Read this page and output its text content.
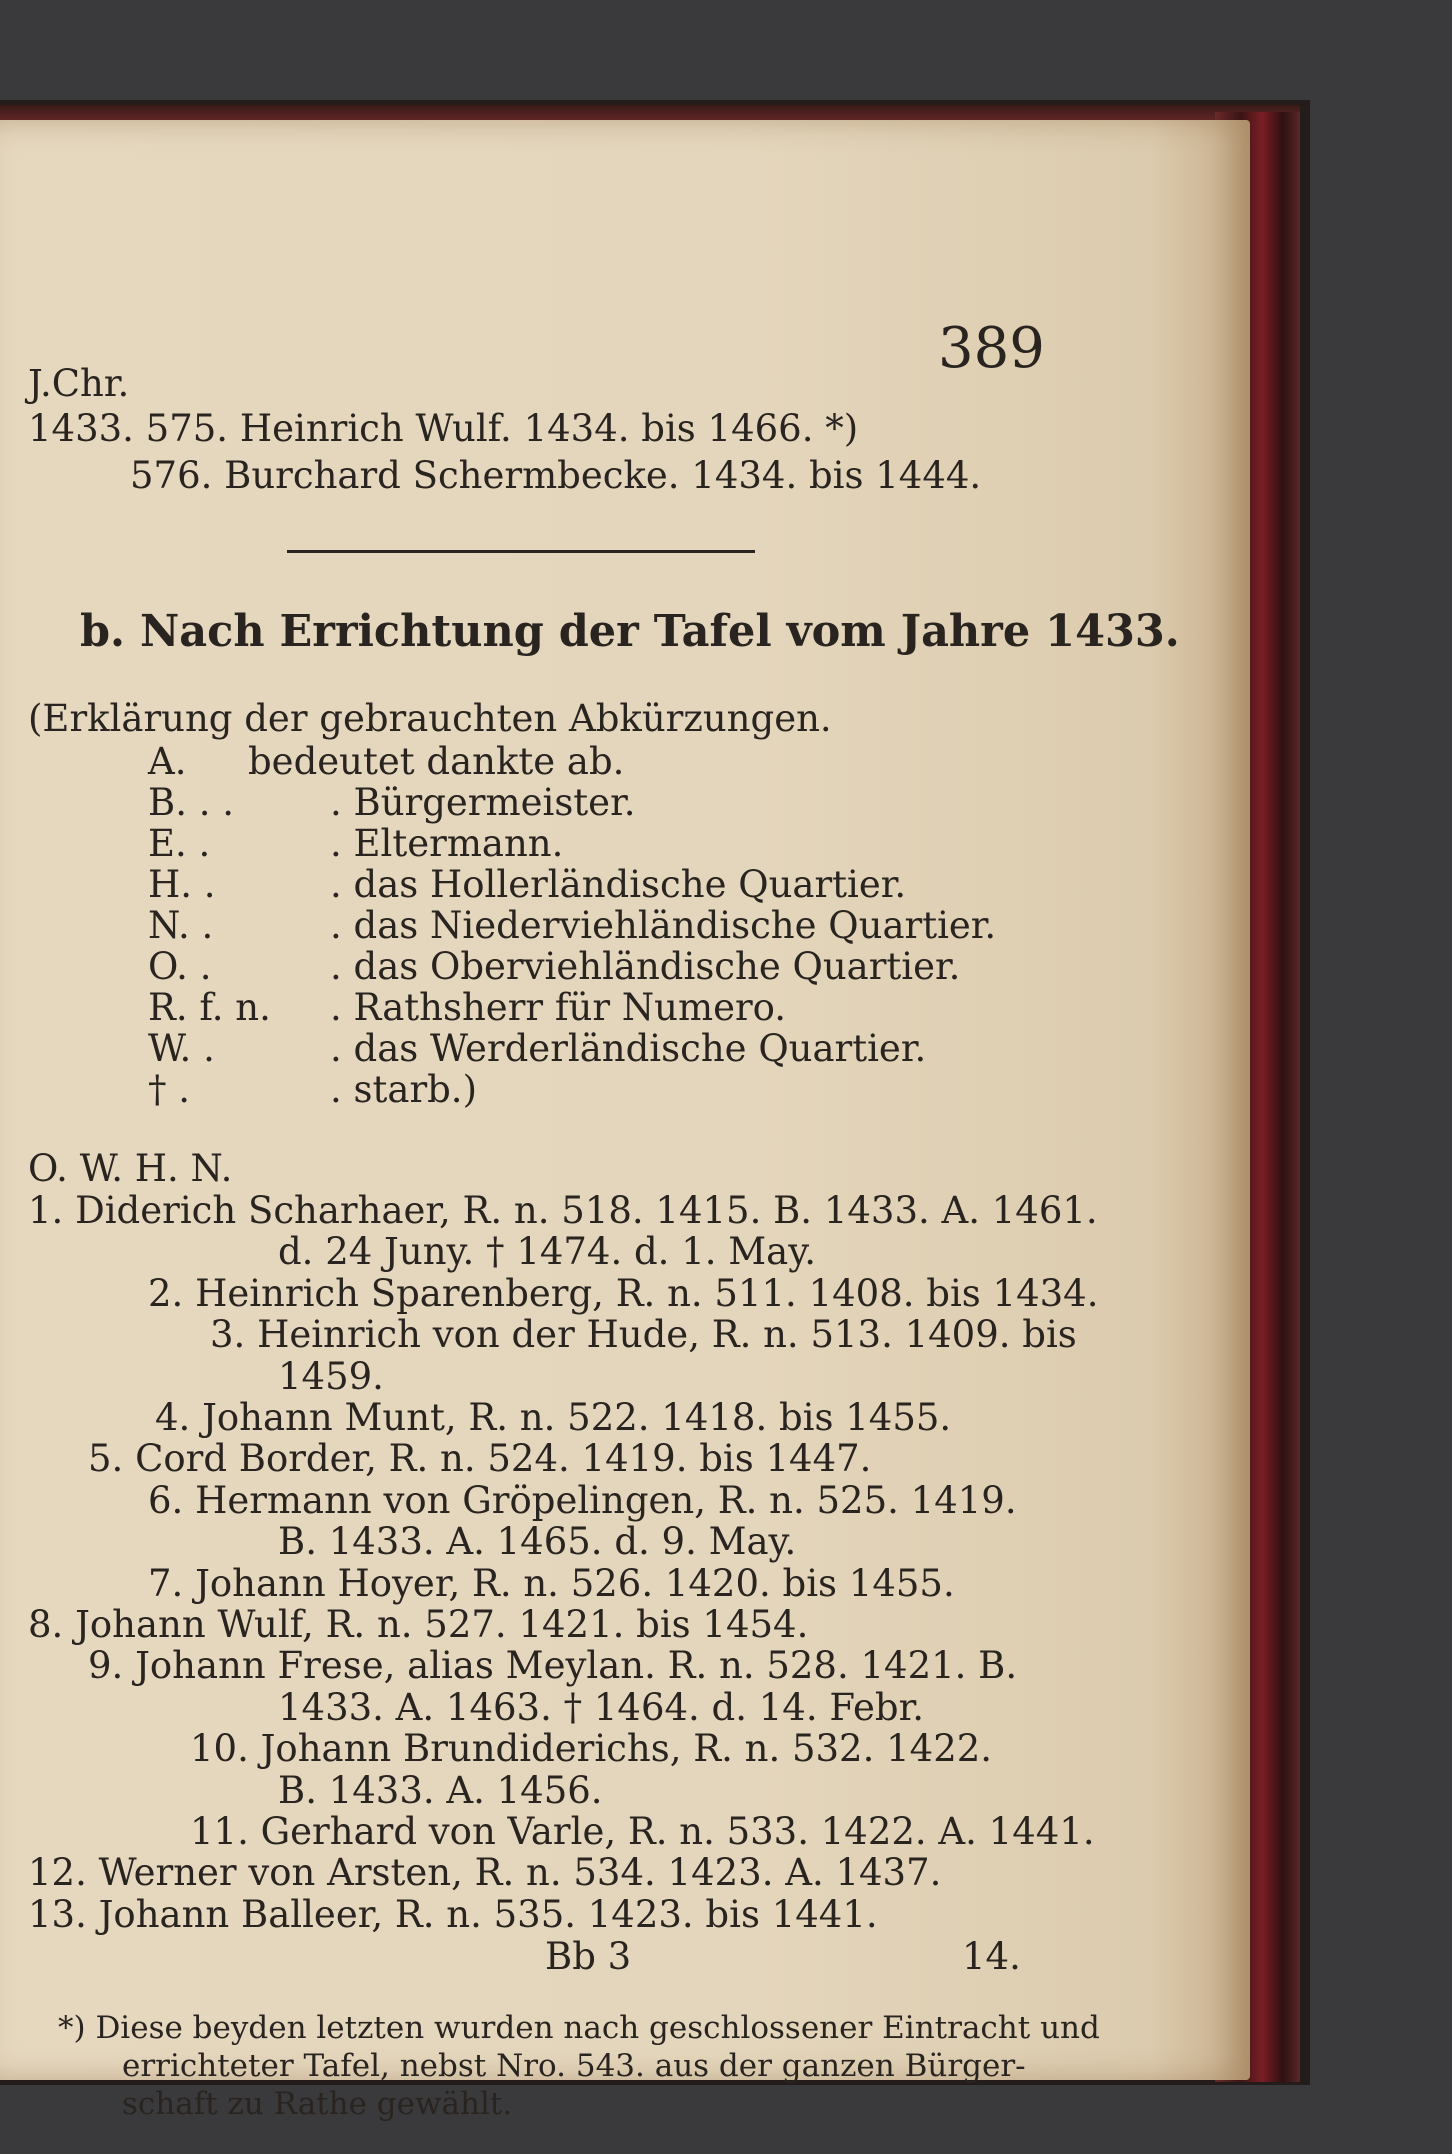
389
J.Chr.
1433. 575. Heinrich Wulf. 1434. bis 1466. *)
576. Burchard Schermbecke. 1434. bis 1444.
b. Nach Errichtung der Tafel vom Jahre 1433.
(Erklärung der gebrauchten Abkürzungen.
A. bedeutet dankte ab.
B. . .	. Bürgermeister.
E. .	. Eltermann.
H. .	. das Hollerländische Quartier.
N. .	. das Niederviehländische Quartier.
O. .	. das Oberviehländische Quartier.
R. f. n. . Rathsherr für Numero.
W. .	. das Werderländische Quartier.
† .	. starb.)
O. W. H. N.
1. Diderich Scharhaer, R. n. 518. 1415. B. 1433. A. 1461.
d. 24 Juny. † 1474. d. 1. May.
2. Heinrich Sparenberg, R. n. 511. 1408. bis 1434.
3. Heinrich von der Hude, R. n. 513. 1409. bis
1459.
4. Johann Munt, R. n. 522. 1418. bis 1455.
5. Cord Border, R. n. 524. 1419. bis 1447.
6. Hermann von Gröpelingen, R. n. 525. 1419.
B. 1433. A. 1465. d. 9. May.
7. Johann Hoyer, R. n. 526. 1420. bis 1455.
8. Johann Wulf, R. n. 527. 1421. bis 1454.
9. Johann Frese, alias Meylan. R. n. 528. 1421. B.
1433. A. 1463. † 1464. d. 14. Febr.
10. Johann Brundiderichs, R. n. 532. 1422.
B. 1433. A. 1456.
11. Gerhard von Varle, R. n. 533. 1422. A. 1441.
12. Werner von Arsten, R. n. 534. 1423. A. 1437.
13. Johann Balleer, R. n. 535. 1423. bis 1441.
Bb 3	14.
*) Diese beyden letzten wurden nach geschlossener Eintracht und
errichteter Tafel, nebst Nro. 543. aus der ganzen Bürger-
schaft zu Rathe gewählt.
